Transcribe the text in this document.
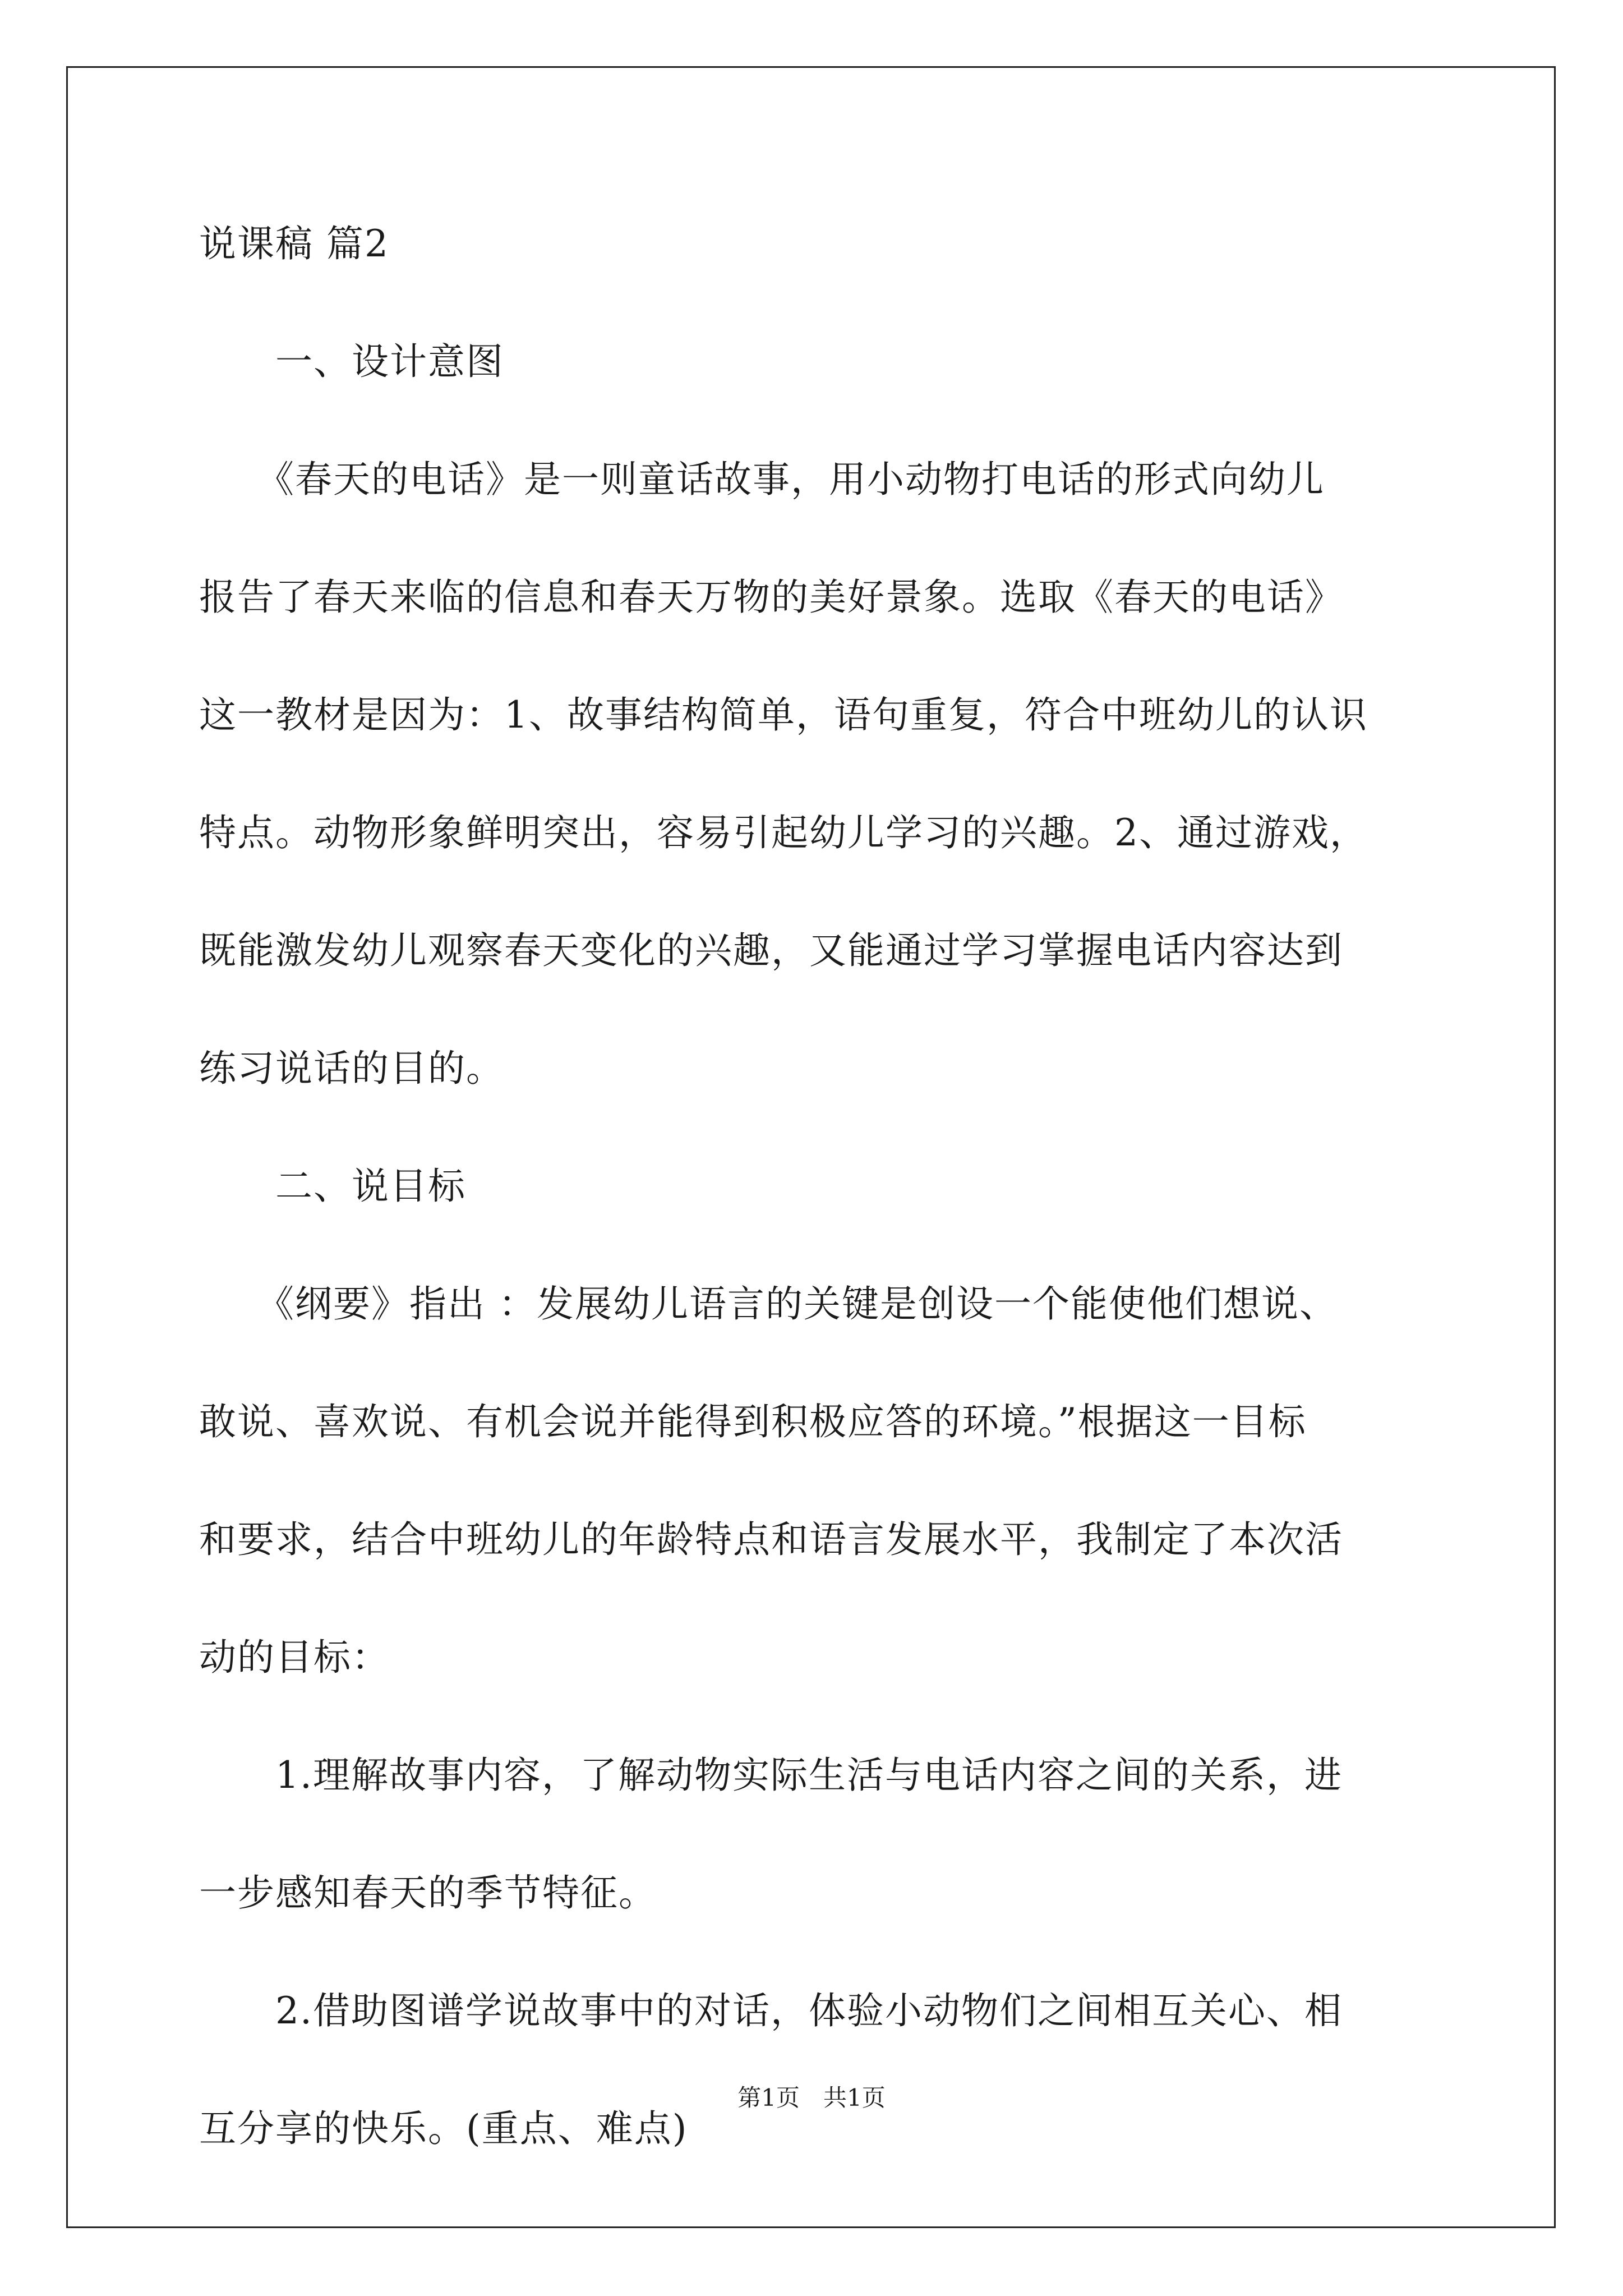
说课稿 篇2

　　一、设计意图

　　《春天的电话》是一则童话故事，用小动物打电话的形式向幼儿

报告了春天来临的信息和春天万物的美好景象。选取《春天的电话》

这一教材是因为：1、故事结构简单，语句重复，符合中班幼儿的认识

特点。动物形象鲜明突出，容易引起幼儿学习的兴趣。2、通过游戏，

既能激发幼儿观察春天变化的兴趣，又能通过学习掌握电话内容达到

练习说话的目的。

　　二、说目标

　　《纲要》指出 ：发展幼儿语言的关键是创设一个能使他们想说、

敢说、喜欢说、有机会说并能得到积极应答的环境。”根据这一目标

和要求，结合中班幼儿的年龄特点和语言发展水平，我制定了本次活

动的目标：

　　1.理解故事内容，了解动物实际生活与电话内容之间的关系，进

一步感知春天的季节特征。

　　2.借助图谱学说故事中的对话，体验小动物们之间相互关心、相

互分享的快乐。(重点、难点)

第1页　共1页
